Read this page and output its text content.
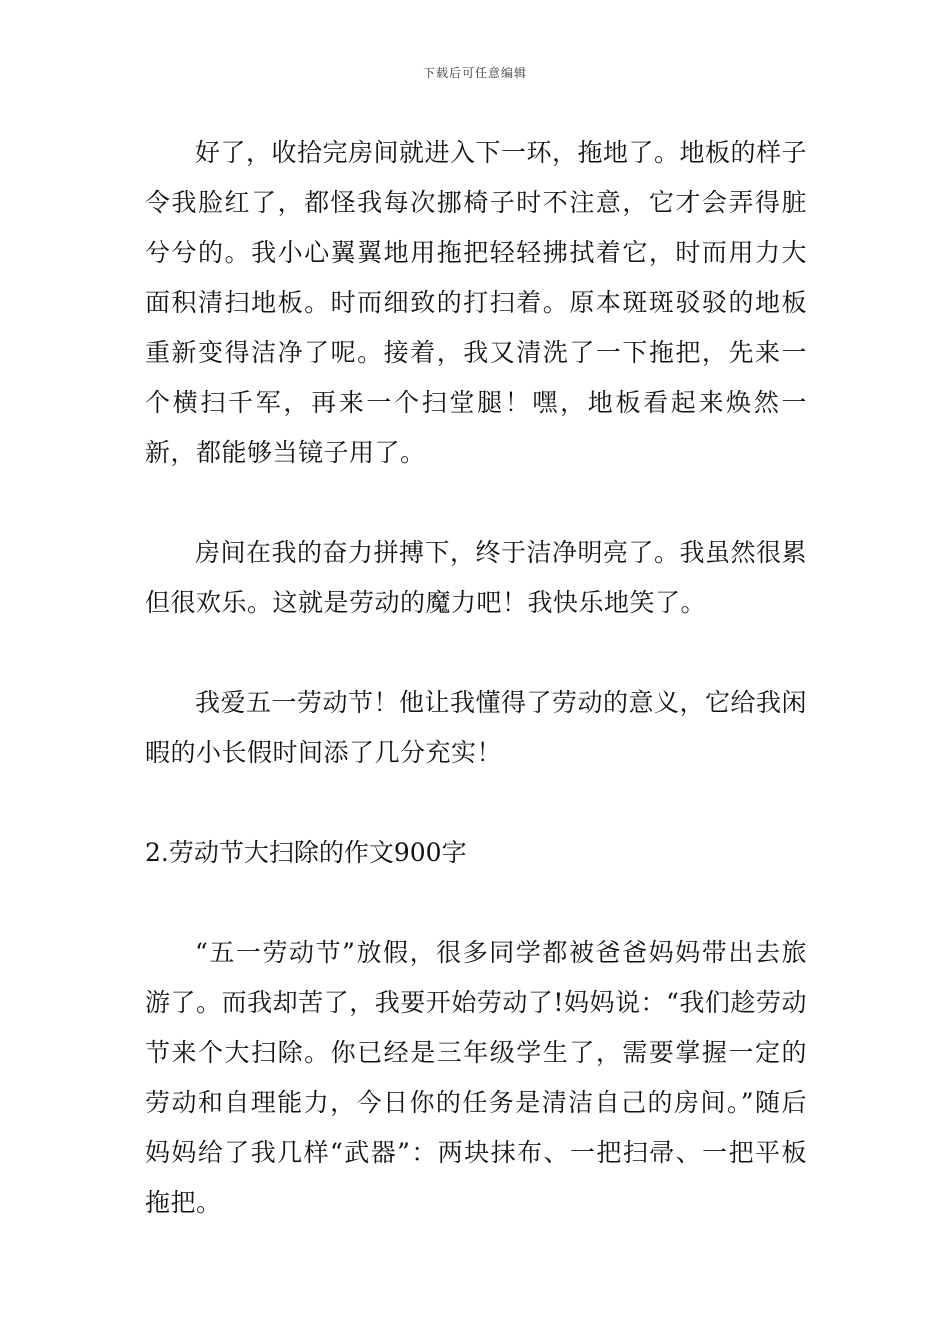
下载后可任意编辑

好了，收拾完房间就进入下一环，拖地了。地板的样子令我脸红了，都怪我每次挪椅子时不注意，它才会弄得脏兮兮的。我小心翼翼地用拖把轻轻拂拭着它，时而用力大面积清扫地板。时而细致的打扫着。原本斑斑驳驳的地板重新变得洁净了呢。接着，我又清洗了一下拖把，先来一个横扫千军，再来一个扫堂腿！嘿，地板看起来焕然一新，都能够当镜子用了。

房间在我的奋力拼搏下，终于洁净明亮了。我虽然很累但很欢乐。这就是劳动的魔力吧！我快乐地笑了。

我爱五一劳动节！他让我懂得了劳动的意义，它给我闲暇的小长假时间添了几分充实！

2.劳动节大扫除的作文900字

“五一劳动节”放假，很多同学都被爸爸妈妈带出去旅游了。而我却苦了，我要开始劳动了!妈妈说：“我们趁劳动节来个大扫除。你已经是三年级学生了，需要掌握一定的劳动和自理能力，今日你的任务是清洁自己的房间。”随后妈妈给了我几样“武器”：两块抹布、一把扫帚、一把平板拖把。
